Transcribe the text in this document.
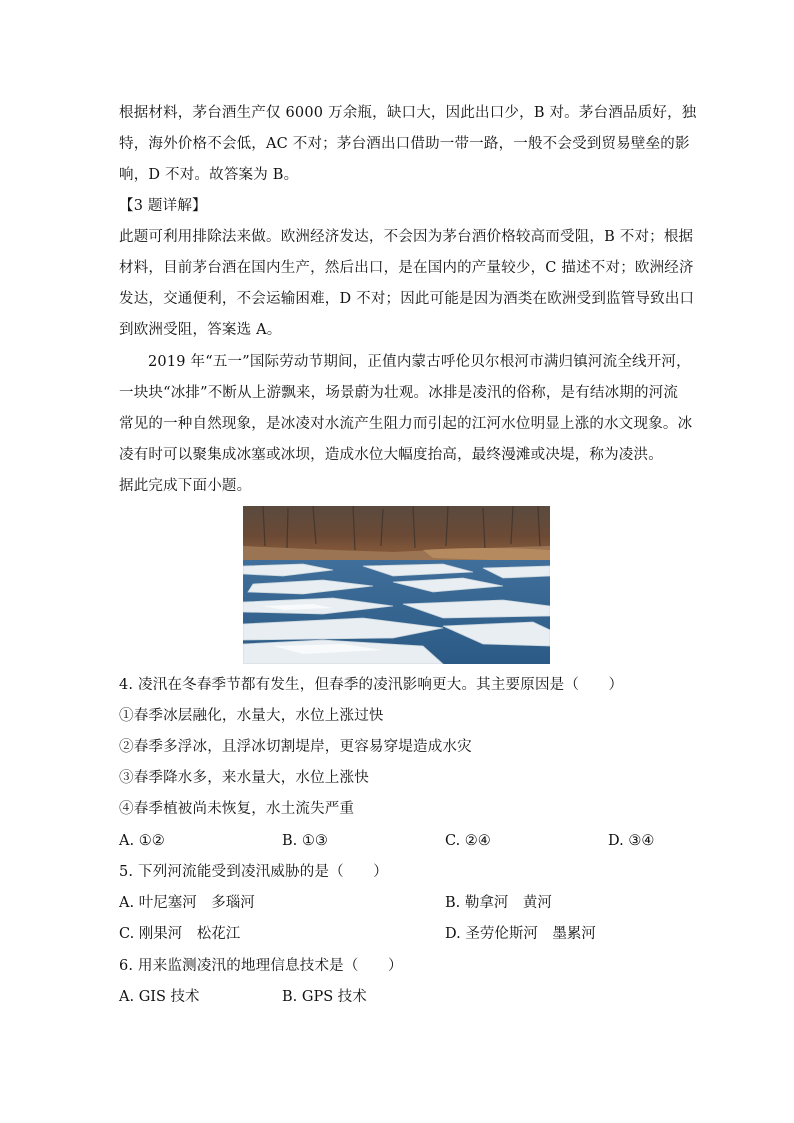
根据材料，茅台酒生产仅 6000 万余瓶，缺口大，因此出口少，B 对。茅台酒品质好，独
特，海外价格不会低，AC 不对；茅台酒出口借助一带一路，一般不会受到贸易壁垒的影
响，D 不对。故答案为 B。
【3 题详解】
此题可利用排除法来做。欧洲经济发达，不会因为茅台酒价格较高而受阻，B 不对；根据
材料，目前茅台酒在国内生产，然后出口，是在国内的产量较少，C 描述不对；欧洲经济
发达，交通便利，不会运输困难，D 不对；因此可能是因为酒类在欧洲受到监管导致出口
到欧洲受阻，答案选 A。
2019 年“五一”国际劳动节期间，正值内蒙古呼伦贝尔根河市满归镇河流全线开河，
一块块“冰排”不断从上游飘来，场景蔚为壮观。冰排是凌汛的俗称，是有结冰期的河流
常见的一种自然现象，是冰凌对水流产生阻力而引起的江河水位明显上涨的水文现象。冰
凌有时可以聚集成冰塞或冰坝，造成水位大幅度抬高，最终漫滩或决堤，称为凌洪。
据此完成下面小题。
4. 凌汛在冬春季节都有发生，但春季的凌汛影响更大。其主要原因是（　　）
①春季冰层融化，水量大，水位上涨过快
②春季多浮冰，且浮冰切割堤岸，更容易穿堤造成水灾
③春季降水多，来水量大，水位上涨快
④春季植被尚未恢复，水土流失严重
A. ①②	B. ①③	C. ②④	D. ③④
5. 下列河流能受到凌汛威胁的是（　　）
A. 叶尼塞河　多瑙河	B. 勒拿河　黄河
C. 刚果河　松花江	D. 圣劳伦斯河　墨累河
6. 用来监测凌汛的地理信息技术是（　　）
A. GIS 技术	B. GPS 技术
